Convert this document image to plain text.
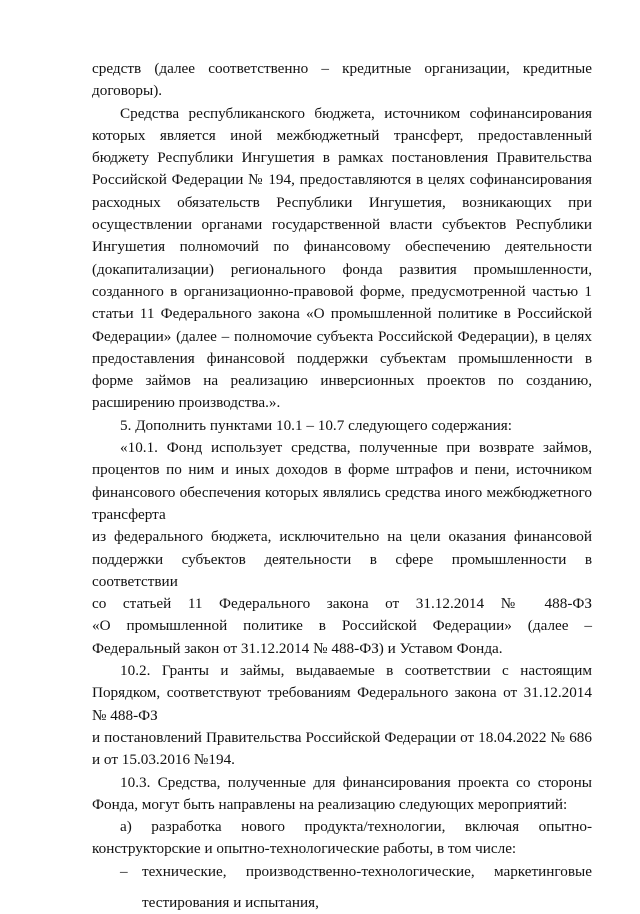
средств (далее соответственно – кредитные организации, кредитные

договоры).

Средства республиканского бюджета, источником софинансирования

которых является иной межбюджетный трансферт, предоставленный

бюджету Республики Ингушетия в рамках постановления Правительства

Российской Федерации № 194, предоставляются в целях софинансирования

расходных обязательств Республики Ингушетия, возникающих при

осуществлении органами государственной власти субъектов Республики

Ингушетия полномочий по финансовому обеспечению деятельности

(докапитализации) регионального фонда развития промышленности,

созданного в организационно-правовой форме, предусмотренной частью 1

статьи 11 Федерального закона «О промышленной политике в Российской

Федерации» (далее – полномочие субъекта Российской Федерации), в целях

предоставления финансовой поддержки субъектам промышленности в

форме займов на реализацию инверсионных проектов по созданию,

расширению производства.».

5. Дополнить пунктами 10.1 – 10.7 следующего содержания:

«10.1. Фонд использует средства, полученные при возврате займов,

процентов по ним и иных доходов в форме штрафов и пени, источником

финансового обеспечения которых являлись средства иного межбюджетного

трансферта

из федерального бюджета, исключительно на цели оказания финансовой

поддержки субъектов деятельности в сфере промышленности в соответствии

со статьей 11 Федерального закона от 31.12.2014 № 488-ФЗ

«О промышленной политике в Российской Федерации» (далее –

Федеральный закон от 31.12.2014 № 488-ФЗ) и Уставом Фонда.

10.2. Гранты и займы, выдаваемые в соответствии с настоящим

Порядком, соответствуют требованиям Федерального закона от 31.12.2014

№ 488-ФЗ

и постановлений Правительства Российской Федерации от 18.04.2022 № 686

и от 15.03.2016 №194.

10.3. Средства, полученные для финансирования проекта со стороны

Фонда, могут быть направлены на реализацию следующих мероприятий:

а) разработка нового продукта/технологии, включая опытно-

конструкторские и опытно-технологические работы, в том числе:

– технические, производственно-технологические, маркетинговые

тестирования и испытания,
